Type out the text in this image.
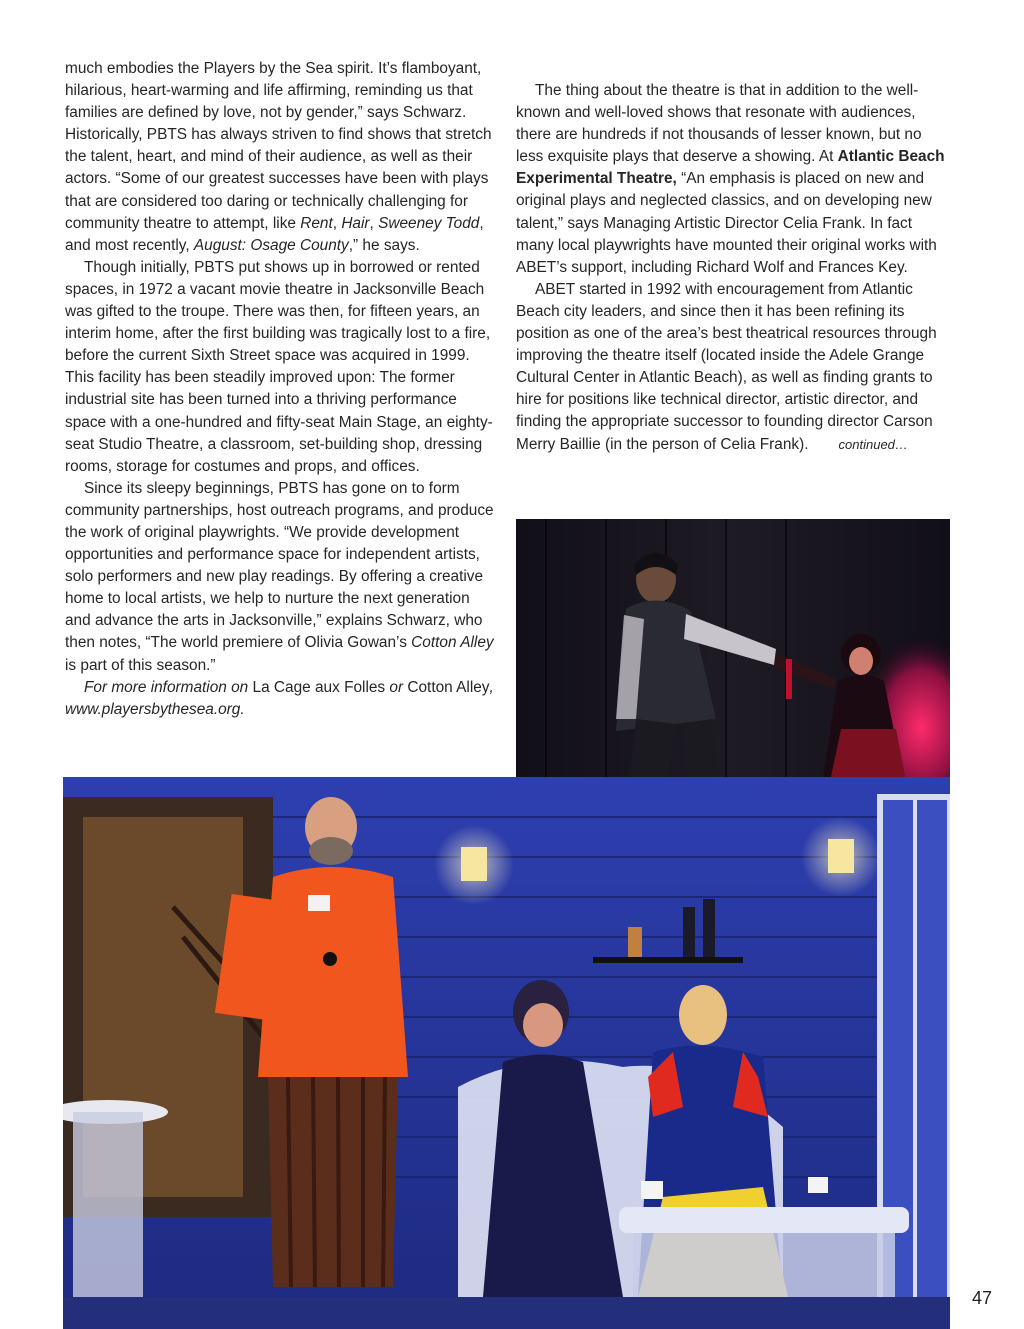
much embodies the Players by the Sea spirit. It’s flamboyant, hilarious, heart-warming and life affirming, reminding us that families are defined by love, not by gender,” says Schwarz. Historically, PBTS has always striven to find shows that stretch the talent, heart, and mind of their audience, as well as their actors. “Some of our greatest successes have been with plays that are considered too daring or technically challenging for community theatre to attempt, like Rent, Hair, Sweeney Todd, and most recently, August: Osage County,” he says.

Though initially, PBTS put shows up in borrowed or rented spaces, in 1972 a vacant movie theatre in Jacksonville Beach was gifted to the troupe. There was then, for fifteen years, an interim home, after the first building was tragically lost to a fire, before the current Sixth Street space was acquired in 1999. This facility has been steadily improved upon: The former industrial site has been turned into a thriving performance space with a one-hundred and fifty-seat Main Stage, an eighty-seat Studio Theatre, a classroom, set-building shop, dressing rooms, storage for costumes and props, and offices.

Since its sleepy beginnings, PBTS has gone on to form community partnerships, host outreach programs, and produce the work of original playwrights. “We provide development opportunities and performance space for independent artists, solo performers and new play readings. By offering a creative home to local artists, we help to nurture the next generation and advance the arts in Jacksonville,” explains Schwarz, who then notes, “The world premiere of Olivia Gowan’s Cotton Alley is part of this season.”

For more information on La Cage aux Folles or Cotton Alley, www.playersbythesea.org.

The thing about the theatre is that in addition to the well-known and well-loved shows that resonate with audiences, there are hundreds if not thousands of lesser known, but no less exquisite plays that deserve a showing. At Atlantic Beach Experimental Theatre, “An emphasis is placed on new and original plays and neglected classics, and on developing new talent,” says Managing Artistic Director Celia Frank. In fact many local playwrights have mounted their original works with ABET’s support, including Richard Wolf and Frances Key.

ABET started in 1992 with encouragement from Atlantic Beach city leaders, and since then it has been refining its position as one of the area’s best theatrical resources through improving the theatre itself (located inside the Adele Grange Cultural Center in Atlantic Beach), as well as finding grants to hire for positions like technical director, artistic director, and finding the appropriate successor to founding director Carson Merry Baillie (in the person of Celia Frank). continued…

47
